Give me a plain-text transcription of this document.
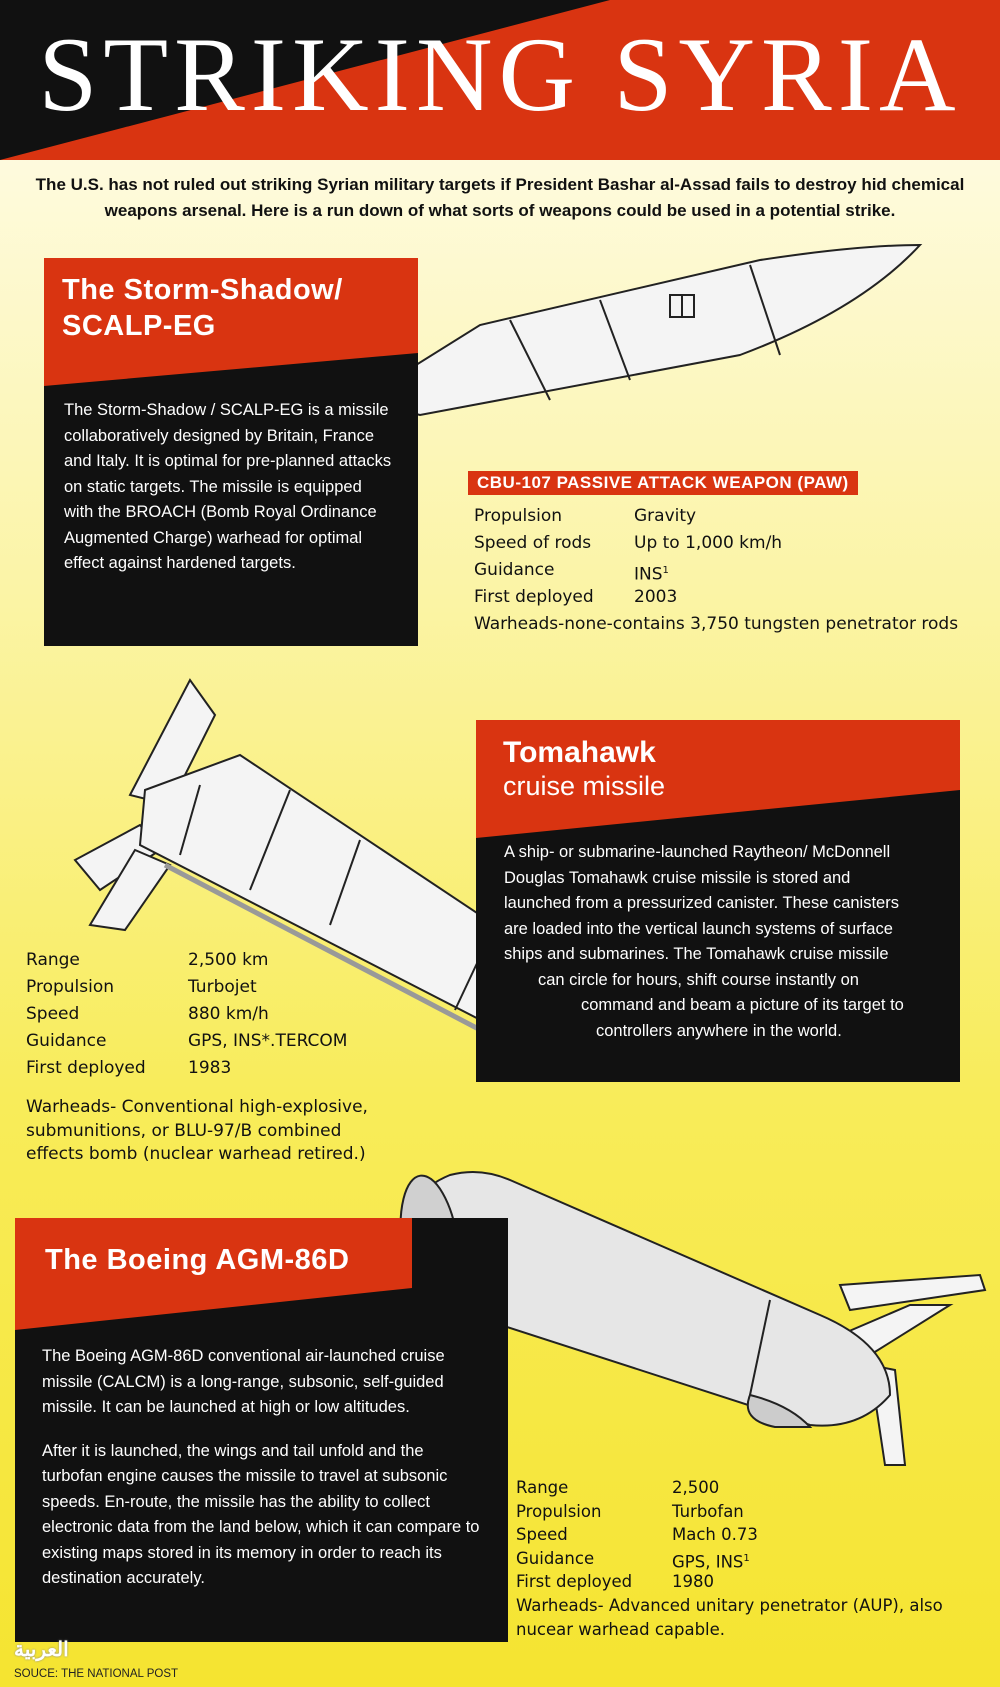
STRIKING SYRIA
The U.S. has not ruled out striking Syrian military targets if President Bashar al-Assad fails to destroy hid chemical weapons arsenal. Here is a run down of what sorts of weapons could be used in a potential strike.
The Storm-Shadow/
SCALP-EG
The Storm-Shadow / SCALP-EG is a missile collaboratively designed by Britain, France and Italy. It is optimal for pre-planned attacks on static targets. The missile is equipped with the BROACH (Bomb Royal Ordinance Augmented Charge) warhead for optimal effect against hardened targets.
CBU-107 PASSIVE ATTACK WEAPON (PAW)
Propulsion	Gravity
Speed of rods	Up to 1,000 km/h
Guidance	INS$^1$
First deployed	2003
Warheads-none-contains 3,750 tungsten penetrator rods
Tomahawk
cruise missile
A ship- or submarine-launched Raytheon/ McDonnell
Douglas Tomahawk cruise missile is stored and
launched from a pressurized canister. These canisters
are loaded into the vertical launch systems of surface
ships and submarines. The Tomahawk cruise missile
can circle for hours, shift course instantly on
command and beam a picture of its target to
controllers anywhere in the world.
Range	2,500 km
Propulsion	Turbojet
Speed	880 km/h
Guidance	GPS, INS*.TERCOM
First deployed	1983
Warheads- Conventional high-explosive, submunitions, or BLU-97/B combined effects bomb (nuclear warhead retired.)
The Boeing AGM-86D
The Boeing AGM-86D conventional air-launched cruise missile (CALCM) is a long-range, subsonic, self-guided missile. It can be launched at high or low altitudes.
After it is launched, the wings and tail unfold and the turbofan engine causes the missile to travel at subsonic speeds. En-route, the missile has the ability to collect electronic data from the land below, which it can compare to existing maps stored in its memory in order to reach its destination accurately.
Range	2,500
Propulsion	Turbofan
Speed	Mach 0.73
Guidance	GPS, INS$^1$
First deployed	1980
Warheads- Advanced unitary penetrator (AUP), also nucear warhead capable.
العربية
SOUCE: THE NATIONAL POST
